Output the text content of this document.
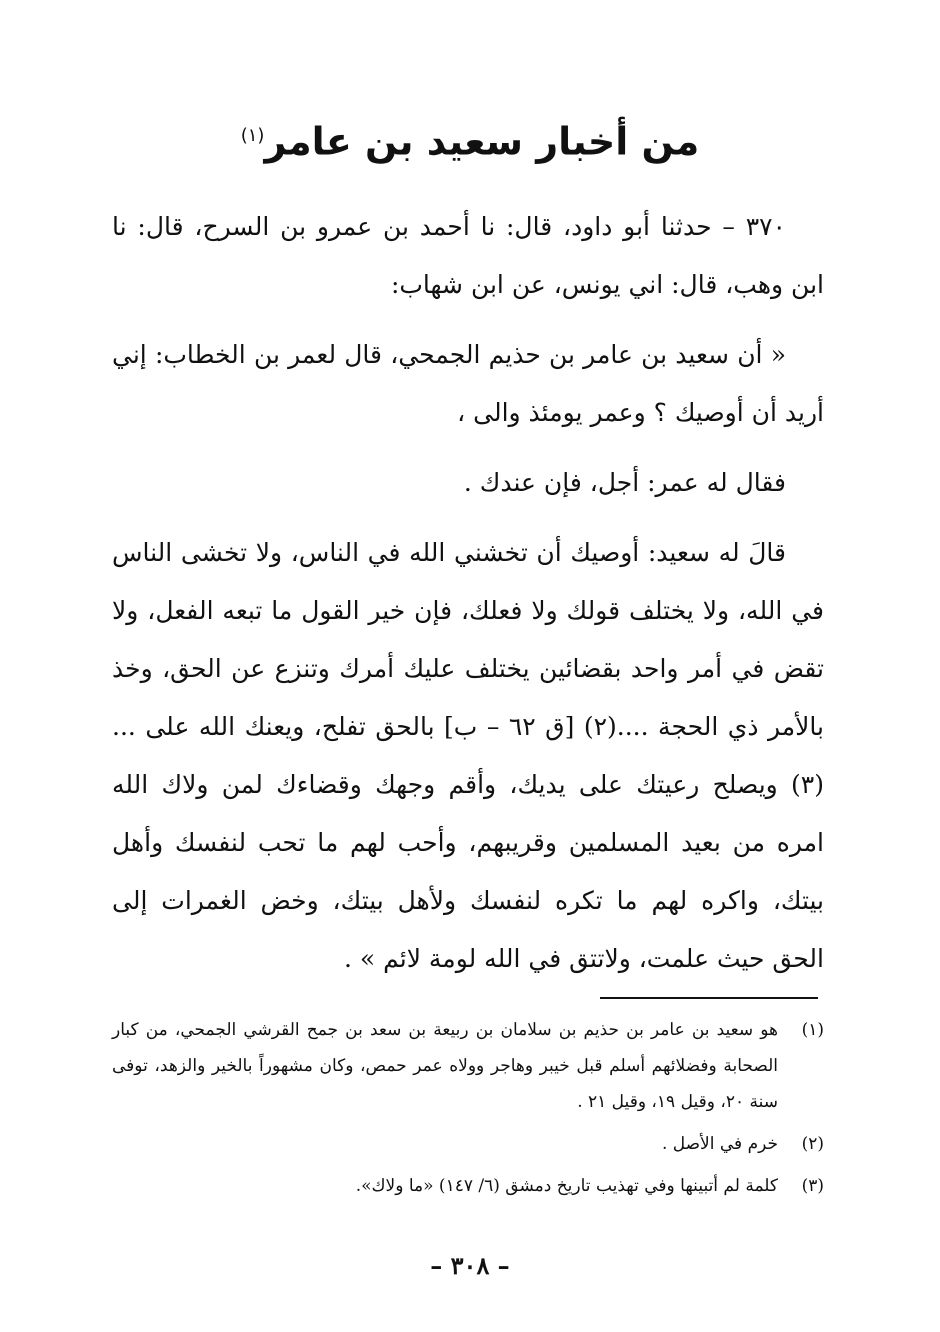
من أخبار سعيد بن عامر$^{(١)}$

٣٧٠ – حدثنا أبو داود، قال: نا أحمد بن عمرو بن السرح، قال: نا ابن وهب، قال: اني يونس، عن ابن شهاب:

« أن سعيد بن عامر بن حذيم الجمحي، قال لعمر بن الخطاب: إني أريد أن أوصيك ؟ وعمر يومئذ والى ،

فقال له عمر: أجل، فإن عندك .

قالَ له سعيد: أوصيك أن تخشني الله في الناس، ولا تخشى الناس في الله، ولا يختلف قولك ولا فعلك، فإن خير القول ما تبعه الفعل، ولا تقض في أمر واحد بقضائين يختلف عليك أمرك وتنزع عن الحق، وخذ بالأمر ذي الحجة ....(٢) [ق ٦٢ – ب] بالحق تفلح، ويعنك الله على ...(٣) ويصلح رعيتك على يديك، وأقم وجهك وقضاءك لمن ولاك الله امره من بعيد المسلمين وقريبهم، وأحب لهم ما تحب لنفسك وأهل بيتك، واكره لهم ما تكره لنفسك ولأهل بيتك، وخض الغمرات إلى الحق حيث علمت، ولاتتق في الله لومة لائم » .

(١)
هو سعيد بن عامر بن حذيم بن سلامان بن ربيعة بن سعد بن جمح القرشي الجمحي، من كبار الصحابة وفضلائهم أسلم قبل خيبر وهاجر وولاه عمر حمص، وكان مشهوراً بالخير والزهد، توفى سنة ٢٠، وقيل ١٩، وقيل ٢١ .
(٢)
خرم في الأصل .
(٣)
كلمة لم أتبينها وفي تهذيب تاريخ دمشق (٦/ ١٤٧) «ما ولاك».
– ٣٠٨ –
